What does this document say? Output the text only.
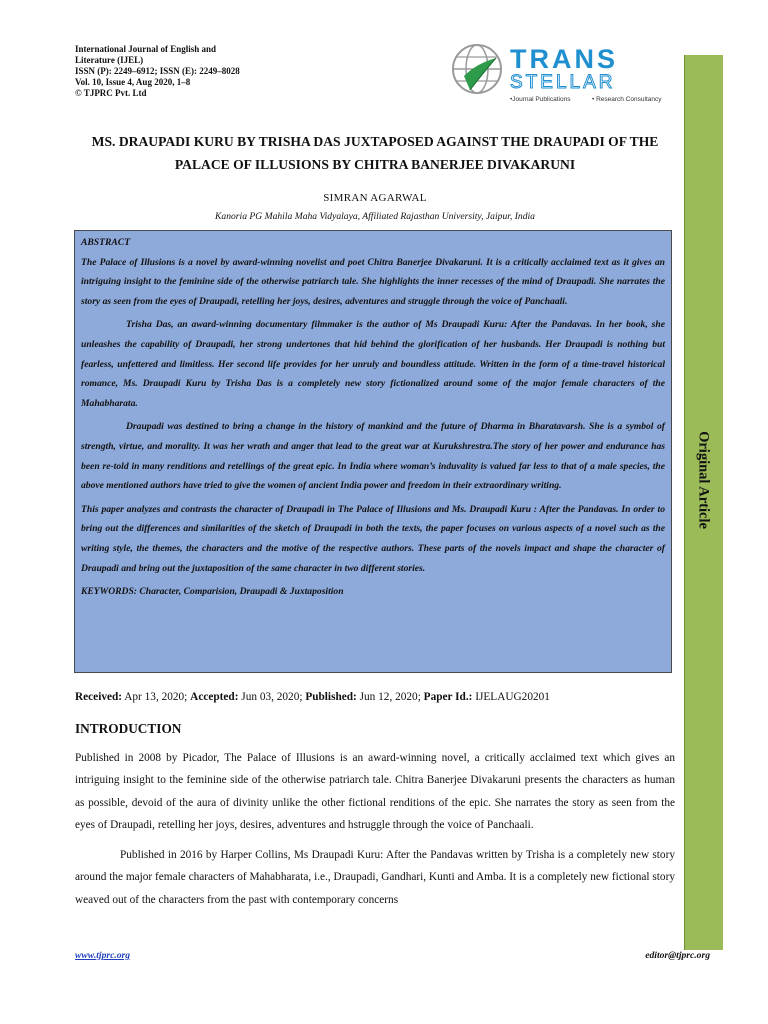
International Journal of English and
Literature (IJEL)
ISSN (P): 2249–6912; ISSN (E): 2249–8028
Vol. 10, Issue 4, Aug 2020, 1–8
© TJPRC Pvt. Ltd
TRANS
STELLAR
•Journal Publications	• Research Consultancy
Original Article
MS. DRAUPADI KURU BY TRISHA DAS JUXTAPOSED AGAINST THE DRAUPADI OF THE PALACE OF ILLUSIONS BY CHITRA BANERJEE DIVAKARUNI
SIMRAN AGARWAL
Kanoria PG Mahila Maha Vidyalaya, Affiliated Rajasthan University, Jaipur, India
ABSTRACT

The Palace of Illusions is a novel by award-winning novelist and poet Chitra Banerjee Divakaruni. It is a critically acclaimed text as it gives an intriguing insight to the feminine side of the otherwise patriarch tale. She highlights the inner recesses of the mind of Draupadi. She narrates the story as seen from the eyes of Draupadi, retelling her joys, desires, adventures and struggle through the voice of Panchaali.

Trisha Das, an award-winning documentary filmmaker is the author of Ms Draupadi Kuru: After the Pandavas. In her book, she unleashes the capability of Draupadi, her strong undertones that hid behind the glorification of her husbands. Her Draupadi is nothing but fearless, unfettered and limitless. Her second life provides for her unruly and boundless attitude. Written in the form of a time-travel historical romance, Ms. Draupadi Kuru by Trisha Das is a completely new story fictionalized around some of the major female characters of the Mahabharata.

Draupadi was destined to bring a change in the history of mankind and the future of Dharma in Bharatavarsh. She is a symbol of strength, virtue, and morality. It was her wrath and anger that lead to the great war at Kurukshrestra.The story of her power and endurance has been re-told in many renditions and retellings of the great epic. In India where woman’s induvality is valued far less to that of a male species, the above mentioned authors have tried to give the women of ancient India power and freedom in their extraordinary writing.

This paper analyzes and contrasts the character of Draupadi in The Palace of Illusions and Ms. Draupadi Kuru : After the Pandavas. In order to bring out the differences and similarities of the sketch of Draupadi in both the texts, the paper focuses on various aspects of a novel such as the writing style, the themes, the characters and the motive of the respective authors. These parts of the novels impact and shape the character of Draupadi and bring out the juxtaposition of the same character in two different stories.

KEYWORDS: Character, Comparision, Draupadi & Juxtaposition

Received: Apr 13, 2020; Accepted: Jun 03, 2020; Published: Jun 12, 2020; Paper Id.: IJELAUG20201
INTRODUCTION

Published in 2008 by Picador, The Palace of Illusions is an award-winning novel, a critically acclaimed text which gives an intriguing insight to the feminine side of the otherwise patriarch tale. Chitra Banerjee Divakaruni presents the characters as human as possible, devoid of the aura of divinity unlike the other fictional renditions of the epic. She narrates the story as seen from the eyes of Draupadi, retelling her joys, desires, adventures and hstruggle through the voice of Panchaali.

Published in 2016 by Harper Collins, Ms Draupadi Kuru: After the Pandavas written by Trisha is a completely new story around the major female characters of Mahabharata, i.e., Draupadi, Gandhari, Kunti and Amba. It is a completely new fictional story weaved out of the characters from the past with contemporary concerns

www.tjprc.org	editor@tjprc.org
